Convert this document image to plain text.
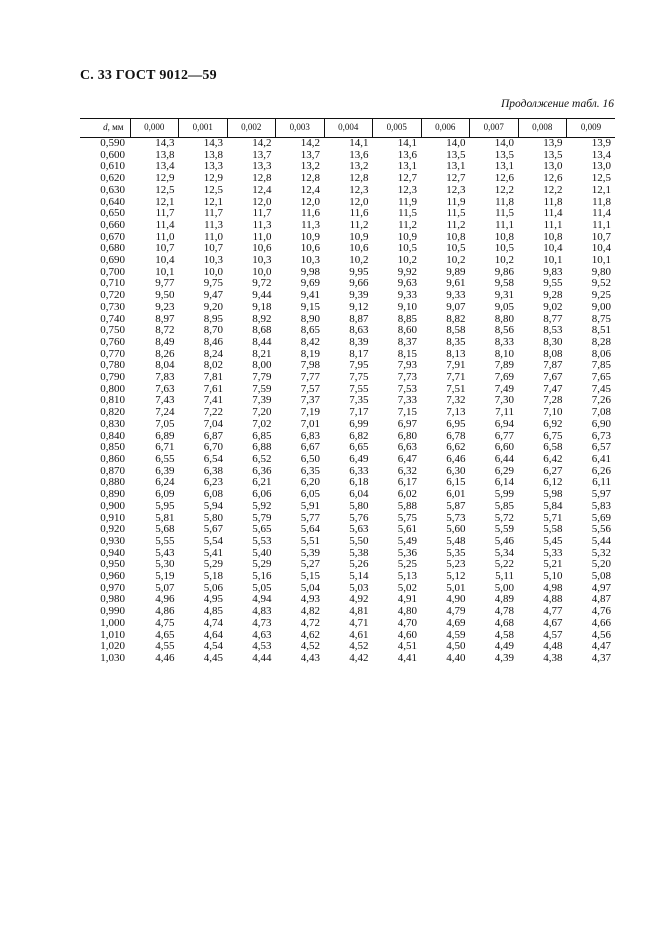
С. 33 ГОСТ 9012—59
Продолжение табл. 16
d, мм	0,000	0,001	0,002	0,003	0,004	0,005	0,006	0,007	0,008	0,009
0,590	14,3	14,3	14,2	14,2	14,1	14,1	14,0	14,0	13,9	13,9
0,600	13,8	13,8	13,7	13,7	13,6	13,6	13,5	13,5	13,5	13,4
0,610	13,4	13,3	13,3	13,2	13,2	13,1	13,1	13,1	13,0	13,0
0,620	12,9	12,9	12,8	12,8	12,8	12,7	12,7	12,6	12,6	12,5
0,630	12,5	12,5	12,4	12,4	12,3	12,3	12,3	12,2	12,2	12,1
0,640	12,1	12,1	12,0	12,0	12,0	11,9	11,9	11,8	11,8	11,8
0,650	11,7	11,7	11,7	11,6	11,6	11,5	11,5	11,5	11,4	11,4
0,660	11,4	11,3	11,3	11,3	11,2	11,2	11,2	11,1	11,1	11,1
0,670	11,0	11,0	11,0	10,9	10,9	10,9	10,8	10,8	10,8	10,7
0,680	10,7	10,7	10,6	10,6	10,6	10,5	10,5	10,5	10,4	10,4
0,690	10,4	10,3	10,3	10,3	10,2	10,2	10,2	10,2	10,1	10,1
0,700	10,1	10,0	10,0	9,98	9,95	9,92	9,89	9,86	9,83	9,80
0,710	9,77	9,75	9,72	9,69	9,66	9,63	9,61	9,58	9,55	9,52
0,720	9,50	9,47	9,44	9,41	9,39	9,33	9,33	9,31	9,28	9,25
0,730	9,23	9,20	9,18	9,15	9,12	9,10	9,07	9,05	9,02	9,00
0,740	8,97	8,95	8,92	8,90	8,87	8,85	8,82	8,80	8,77	8,75
0,750	8,72	8,70	8,68	8,65	8,63	8,60	8,58	8,56	8,53	8,51
0,760	8,49	8,46	8,44	8,42	8,39	8,37	8,35	8,33	8,30	8,28
0,770	8,26	8,24	8,21	8,19	8,17	8,15	8,13	8,10	8,08	8,06
0,780	8,04	8,02	8,00	7,98	7,95	7,93	7,91	7,89	7,87	7,85
0,790	7,83	7,81	7,79	7,77	7,75	7,73	7,71	7,69	7,67	7,65
0,800	7,63	7,61	7,59	7,57	7,55	7,53	7,51	7,49	7,47	7,45
0,810	7,43	7,41	7,39	7,37	7,35	7,33	7,32	7,30	7,28	7,26
0,820	7,24	7,22	7,20	7,19	7,17	7,15	7,13	7,11	7,10	7,08
0,830	7,05	7,04	7,02	7,01	6,99	6,97	6,95	6,94	6,92	6,90
0,840	6,89	6,87	6,85	6,83	6,82	6,80	6,78	6,77	6,75	6,73
0,850	6,71	6,70	6,88	6,67	6,65	6,63	6,62	6,60	6,58	6,57
0,860	6,55	6,54	6,52	6,50	6,49	6,47	6,46	6,44	6,42	6,41
0,870	6,39	6,38	6,36	6,35	6,33	6,32	6,30	6,29	6,27	6,26
0,880	6,24	6,23	6,21	6,20	6,18	6,17	6,15	6,14	6,12	6,11
0,890	6,09	6,08	6,06	6,05	6,04	6,02	6,01	5,99	5,98	5,97
0,900	5,95	5,94	5,92	5,91	5,80	5,88	5,87	5,85	5,84	5,83
0,910	5,81	5,80	5,79	5,77	5,76	5,75	5,73	5,72	5,71	5,69
0,920	5,68	5,67	5,65	5,64	5,63	5,61	5,60	5,59	5,58	5,56
0,930	5,55	5,54	5,53	5,51	5,50	5,49	5,48	5,46	5,45	5,44
0,940	5,43	5,41	5,40	5,39	5,38	5,36	5,35	5,34	5,33	5,32
0,950	5,30	5,29	5,29	5,27	5,26	5,25	5,23	5,22	5,21	5,20
0,960	5,19	5,18	5,16	5,15	5,14	5,13	5,12	5,11	5,10	5,08
0,970	5,07	5,06	5,05	5,04	5,03	5,02	5,01	5,00	4,98	4,97
0,980	4,96	4,95	4,94	4,93	4,92	4,91	4,90	4,89	4,88	4,87
0,990	4,86	4,85	4,83	4,82	4,81	4,80	4,79	4,78	4,77	4,76
1,000	4,75	4,74	4,73	4,72	4,71	4,70	4,69	4,68	4,67	4,66
1,010	4,65	4,64	4,63	4,62	4,61	4,60	4,59	4,58	4,57	4,56
1,020	4,55	4,54	4,53	4,52	4,52	4,51	4,50	4,49	4,48	4,47
1,030	4,46	4,45	4,44	4,43	4,42	4,41	4,40	4,39	4,38	4,37
